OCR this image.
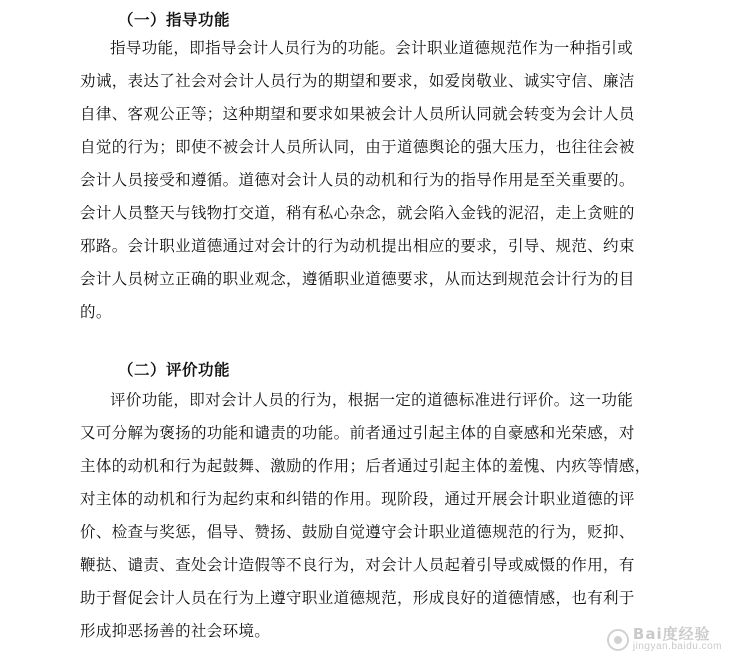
（一）指导功能
指导功能，即指导会计人员行为的功能。会计职业道德规范作为一种指引或
劝诫，表达了社会对会计人员行为的期望和要求，如爱岗敬业、诚实守信、廉洁
自律、客观公正等；这种期望和要求如果被会计人员所认同就会转变为会计人员
自觉的行为；即使不被会计人员所认同，由于道德舆论的强大压力，也往往会被
会计人员接受和遵循。道德对会计人员的动机和行为的指导作用是至关重要的。
会计人员整天与钱物打交道，稍有私心杂念，就会陷入金钱的泥沼，走上贪赃的
邪路。会计职业道德通过对会计的行为动机提出相应的要求，引导、规范、约束
会计人员树立正确的职业观念，遵循职业道德要求，从而达到规范会计行为的目
的。
（二）评价功能
评价功能，即对会计人员的行为，根据一定的道德标准进行评价。这一功能
又可分解为褒扬的功能和谴责的功能。前者通过引起主体的自豪感和光荣感，对
主体的动机和行为起鼓舞、激励的作用；后者通过引起主体的羞愧、内疚等情感，
对主体的动机和行为起约束和纠错的作用。现阶段，通过开展会计职业道德的评
价、检查与奖惩，倡导、赞扬、鼓励自觉遵守会计职业道德规范的行为，贬抑、
鞭挞、谴责、查处会计造假等不良行为，对会计人员起着引导或威慑的作用，有
助于督促会计人员在行为上遵守职业道德规范，形成良好的道德情感，也有利于
形成抑恶扬善的社会环境。	Bai度经验
jingyan.baidu.com
